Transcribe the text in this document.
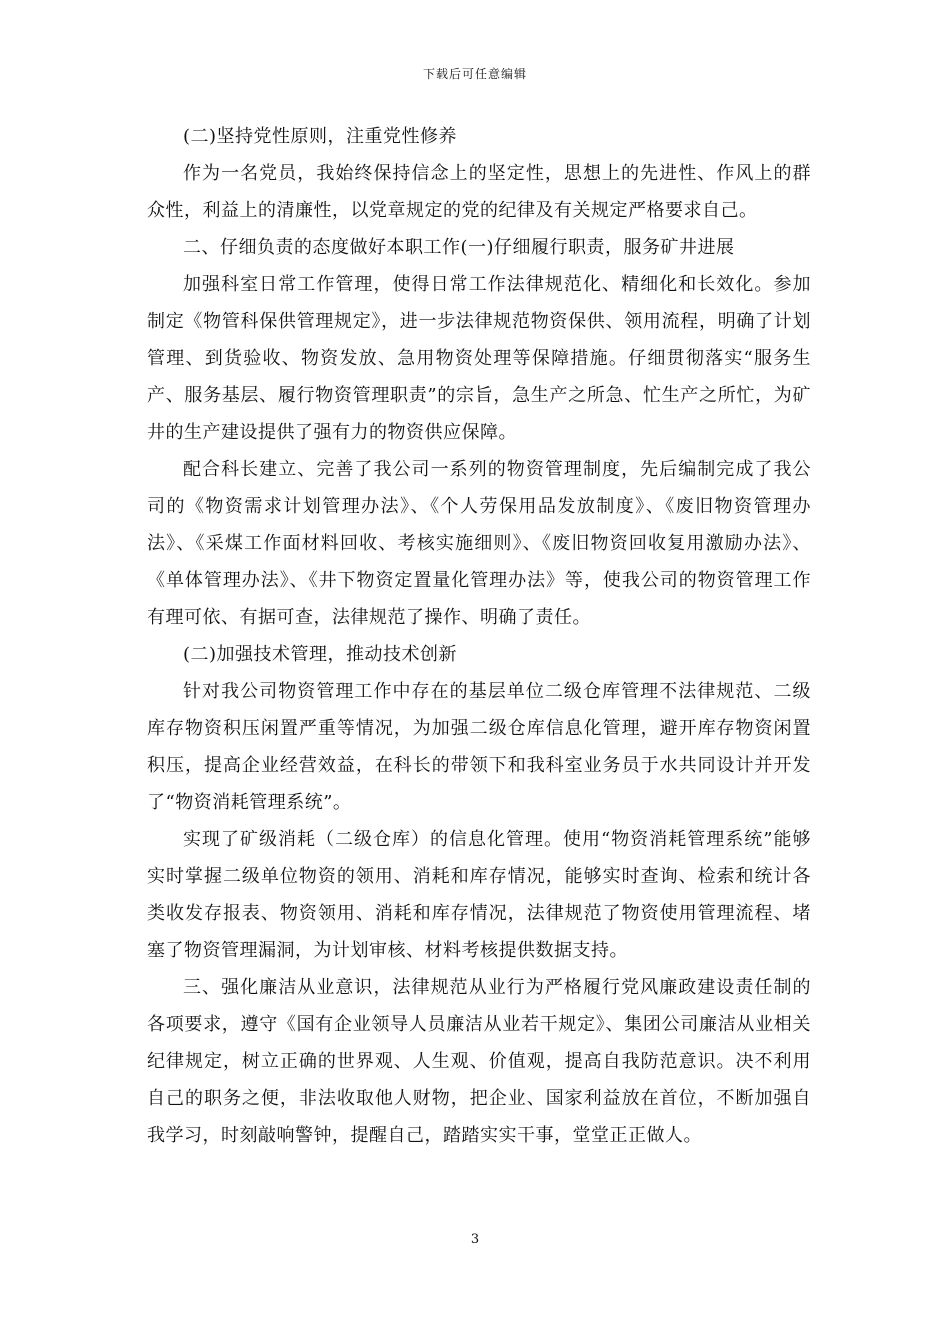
下载后可任意编辑

(二)坚持党性原则，注重党性修养

作为一名党员，我始终保持信念上的坚定性，思想上的先进性、作风上的群众性，利益上的清廉性，以党章规定的党的纪律及有关规定严格要求自己。

二、仔细负责的态度做好本职工作(一)仔细履行职责，服务矿井进展

加强科室日常工作管理，使得日常工作法律规范化、精细化和长效化。参加制定《物管科保供管理规定》，进一步法律规范物资保供、领用流程，明确了计划管理、到货验收、物资发放、急用物资处理等保障措施。仔细贯彻落实“服务生产、服务基层、履行物资管理职责”的宗旨，急生产之所急、忙生产之所忙，为矿井的生产建设提供了强有力的物资供应保障。

配合科长建立、完善了我公司一系列的物资管理制度，先后编制完成了我公司的《物资需求计划管理办法》、《个人劳保用品发放制度》、《废旧物资管理办法》、《采煤工作面材料回收、考核实施细则》、《废旧物资回收复用激励办法》、《单体管理办法》、《井下物资定置量化管理办法》等，使我公司的物资管理工作有理可依、有据可查，法律规范了操作、明确了责任。

(二)加强技术管理，推动技术创新

针对我公司物资管理工作中存在的基层单位二级仓库管理不法律规范、二级库存物资积压闲置严重等情况，为加强二级仓库信息化管理，避开库存物资闲置积压，提高企业经营效益，在科长的带领下和我科室业务员于水共同设计并开发了“物资消耗管理系统”。

实现了矿级消耗（二级仓库）的信息化管理。使用“物资消耗管理系统”能够实时掌握二级单位物资的领用、消耗和库存情况，能够实时查询、检索和统计各类收发存报表、物资领用、消耗和库存情况，法律规范了物资使用管理流程、堵塞了物资管理漏洞，为计划审核、材料考核提供数据支持。

三、强化廉洁从业意识，法律规范从业行为严格履行党风廉政建设责任制的各项要求，遵守《国有企业领导人员廉洁从业若干规定》、集团公司廉洁从业相关纪律规定，树立正确的世界观、人生观、价值观，提高自我防范意识。决不利用自己的职务之便，非法收取他人财物，把企业、国家利益放在首位，不断加强自我学习，时刻敲响警钟，提醒自己，踏踏实实干事，堂堂正正做人。

3
